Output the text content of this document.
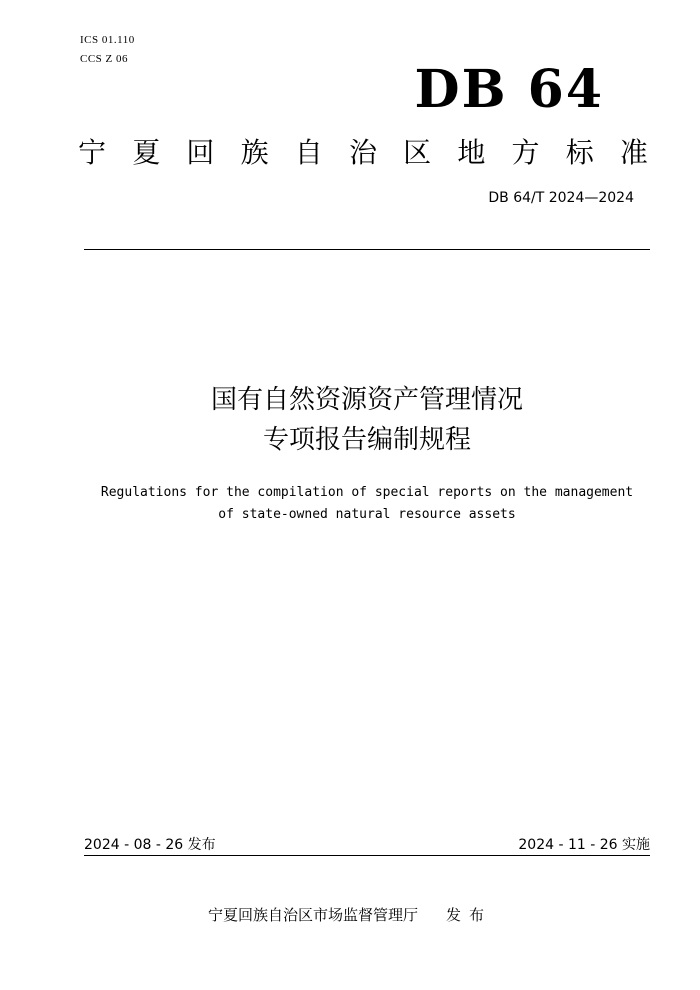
ICS 01.110
CCS Z 06	DB 64
宁 夏 回 族 自 治 区 地 方 标 准
DB 64/T 2024—2024
国有自然资源资产管理情况
专项报告编制规程
Regulations for the compilation of special reports on the management
of state-owned natural resource assets
2024 - 08 - 26 发布	2024 - 11 - 26 实施
宁夏回族自治区市场监督管理厅 发布
